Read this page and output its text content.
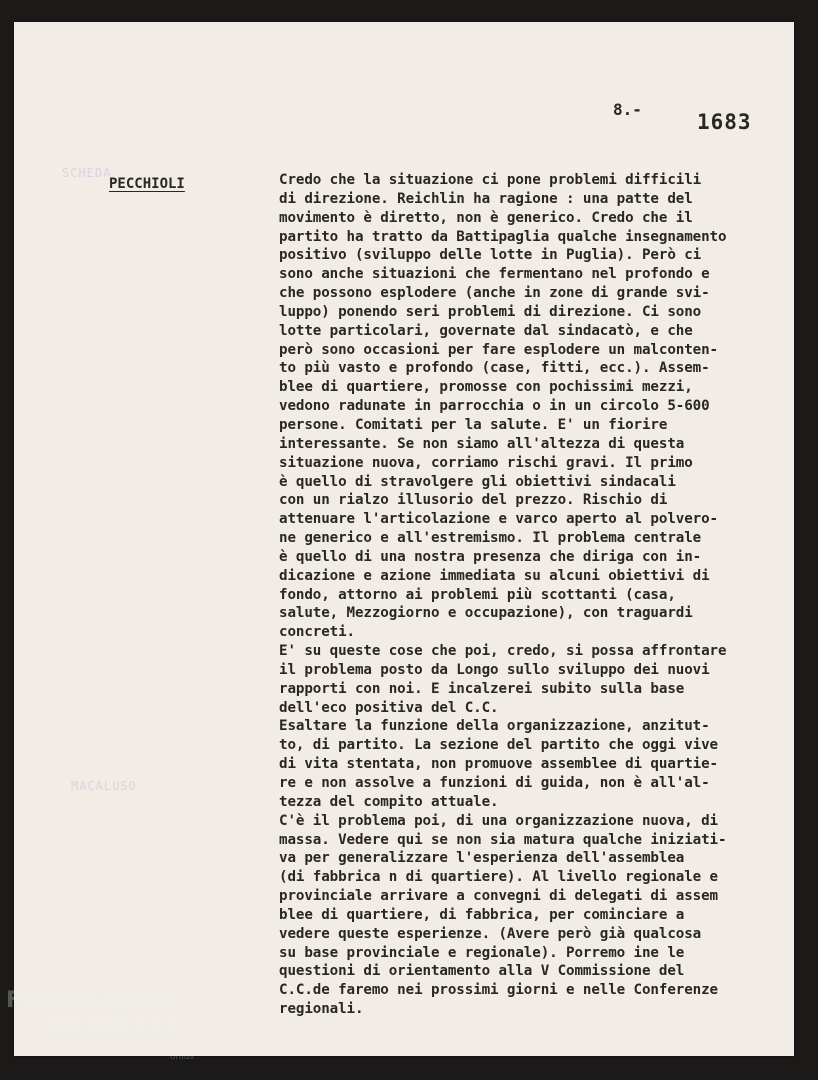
SCHEDA
MACALUSO
8.-
1683
PECCHIOLI	Credo che la situazione ci pone problemi difficili
di direzione. Reichlin ha ragione : una patte del
movimento è diretto, non è generico. Credo che il
partito ha tratto da Battipaglia qualche insegnamento
positivo (sviluppo delle lotte in Puglia). Però ci
sono anche situazioni che fermentano nel profondo e
che possono esplodere (anche in zone di grande svi-
luppo) ponendo seri problemi di direzione. Ci sono
lotte particolari, governate dal sindacatò, e che
però sono occasioni per fare esplodere un malconten-
to più vasto e profondo (case, fitti, ecc.). Assem-
blee di quartiere, promosse con pochissimi mezzi,
vedono radunate in parrocchia o in un circolo 5-600
persone. Comitati per la salute. E' un fiorire
interessante. Se non siamo all'altezza di questa
situazione nuova, corriamo rischi gravi. Il primo
è quello di stravolgere gli obiettivi sindacali
con un rialzo illusorio del prezzo. Rischio di
attenuare l'articolazione e varco aperto al polvero-
ne generico e all'estremismo. Il problema centrale
è quello di una nostra presenza che diriga con in-
dicazione e azione immediata su alcuni obiettivi di
fondo, attorno ai problemi più scottanti (casa,
salute, Mezzogiorno e occupazione), con traguardi
concreti.
E' su queste cose che poi, credo, si possa affrontare
il problema posto da Longo sullo sviluppo dei nuovi
rapporti con noi. E incalzerei subito sulla base
dell'eco positiva del C.C.
Esaltare la funzione della organizzazione, anzitut-
to, di partito. La sezione del partito che oggi vive
di vita stentata, non promuove assemblee di quartie-
re e non assolve a funzioni di guida, non è all'al-
tezza del compito attuale.
C'è il problema poi, di una organizzazione nuova, di
massa. Vedere qui se non sia matura qualche iniziati-
va per generalizzare l'esperienza dell'assemblea
(di fabbrica n di quartiere). Al livello regionale e
provinciale arrivare a convegni di delegati di assem
blee di quartiere, di fabbrica, per cominciare a
vedere queste esperienze. (Avere però già qualcosa
su base provinciale e regionale). Porremo ine le
questioni di orientamento alla V Commissione del
C.C.de faremo nei prossimi giorni e nelle Conferenze
regionali.
FONDAZIONE
GRAMSCI
onlus
